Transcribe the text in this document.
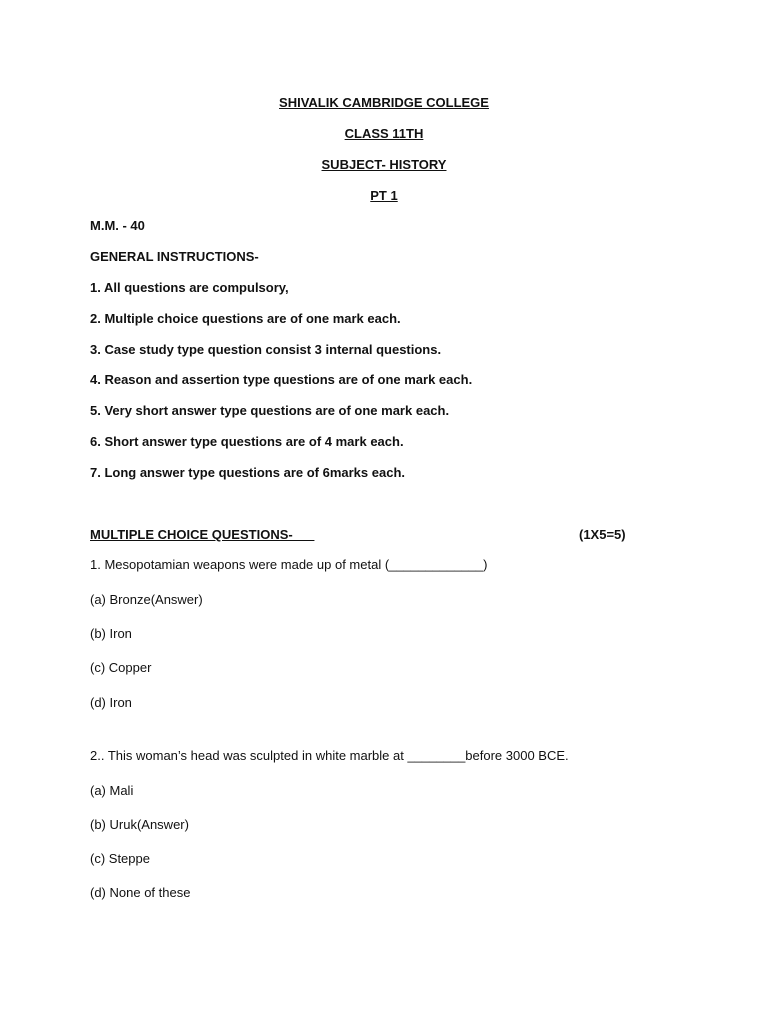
SHIVALIK CAMBRIDGE COLLEGE
CLASS 11TH
SUBJECT- HISTORY
PT 1
M.M. - 40
GENERAL INSTRUCTIONS-
1. All questions are compulsory,
2. Multiple choice questions are of one mark each.
3. Case study type question consist 3 internal questions.
4. Reason and assertion type questions are of one mark each.
5. Very short answer type questions are of one mark each.
6. Short answer type questions are of 4 mark each.
7. Long answer type questions are of 6marks each.
MULTIPLE CHOICE QUESTIONS-___	(1X5=5)
1. Mesopotamian weapons were made up of metal (_____________)
(a) Bronze(Answer)
(b) Iron
(c) Copper
(d) Iron
2.. This woman’s head was sculpted in white marble at ________before 3000 BCE.
(a) Mali
(b) Uruk(Answer)
(c) Steppe
(d) None of these
